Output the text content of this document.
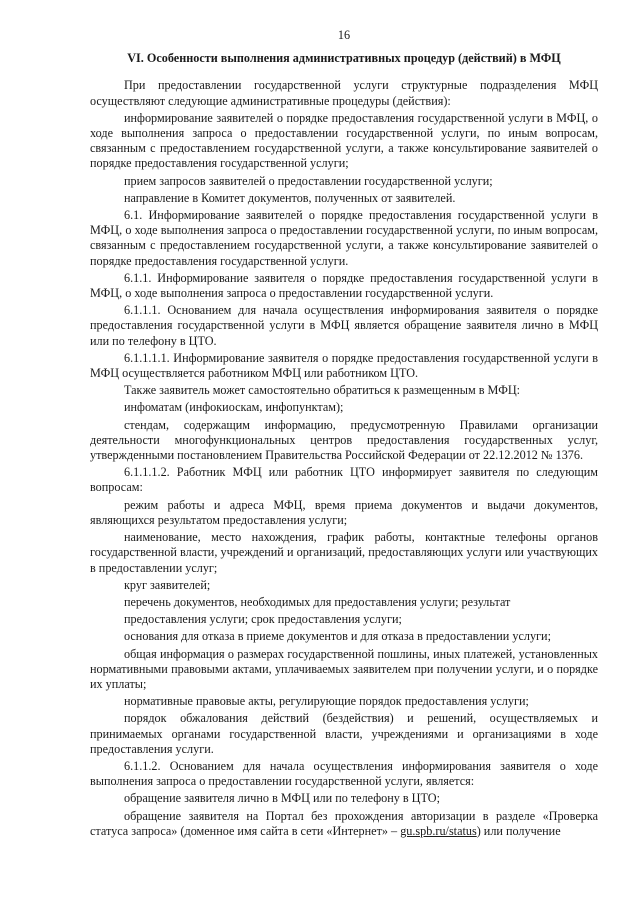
16
VI. Особенности выполнения административных процедур (действий) в МФЦ

При предоставлении государственной услуги структурные подразделения МФЦ осуществляют следующие административные процедуры (действия):

информирование заявителей о порядке предоставления государственной услуги в МФЦ, о ходе выполнения запроса о предоставлении государственной услуги, по иным вопросам, связанным с предоставлением государственной услуги, а также консультирование заявителей о порядке предоставления государственной услуги;

прием запросов заявителей о предоставлении государственной услуги;

направление в Комитет документов, полученных от заявителей.

6.1. Информирование заявителей о порядке предоставления государственной услуги в МФЦ, о ходе выполнения запроса о предоставлении государственной услуги, по иным вопросам, связанным с предоставлением государственной услуги, а также консультирование заявителей о порядке предоставления государственной услуги.

6.1.1. Информирование заявителя о порядке предоставления государственной услуги в МФЦ, о ходе выполнения запроса о предоставлении государственной услуги.

6.1.1.1. Основанием для начала осуществления информирования заявителя о порядке предоставления государственной услуги в МФЦ является обращение заявителя лично в МФЦ или по телефону в ЦТО.

6.1.1.1.1. Информирование заявителя о порядке предоставления государственной услуги в МФЦ осуществляется работником МФЦ или работником ЦТО.

Также заявитель может самостоятельно обратиться к размещенным в МФЦ:

инфоматам (инфокиоскам, инфопунктам);

стендам, содержащим информацию, предусмотренную Правилами организации деятельности многофункциональных центров предоставления государственных услуг, утвержденными постановлением Правительства Российской Федерации от 22.12.2012 № 1376.

6.1.1.1.2. Работник МФЦ или работник ЦТО информирует заявителя по следующим вопросам:

режим работы и адреса МФЦ, время приема документов и выдачи документов, являющихся результатом предоставления услуги;

наименование, место нахождения, график работы, контактные телефоны органов государственной власти, учреждений и организаций, предоставляющих услуги или участвующих в предоставлении услуг;

круг заявителей;

перечень документов, необходимых для предоставления услуги; результат

предоставления услуги; срок предоставления услуги;

основания для отказа в приеме документов и для отказа в предоставлении услуги;

общая информация о размерах государственной пошлины, иных платежей, установленных нормативными правовыми актами, уплачиваемых заявителем при получении услуги, и о порядке их уплаты;

нормативные правовые акты, регулирующие порядок предоставления услуги;

порядок обжалования действий (бездействия) и решений, осуществляемых и принимаемых органами государственной власти, учреждениями и организациями в ходе предоставления услуги.

6.1.1.2. Основанием для начала осуществления информирования заявителя о ходе выполнения запроса о предоставлении государственной услуги, является:

обращение заявителя лично в МФЦ или по телефону в ЦТО;

обращение заявителя на Портал без прохождения авторизации в разделе «Проверка статуса запроса» (доменное имя сайта в сети «Интернет» – gu.spb.ru/status) или получение
